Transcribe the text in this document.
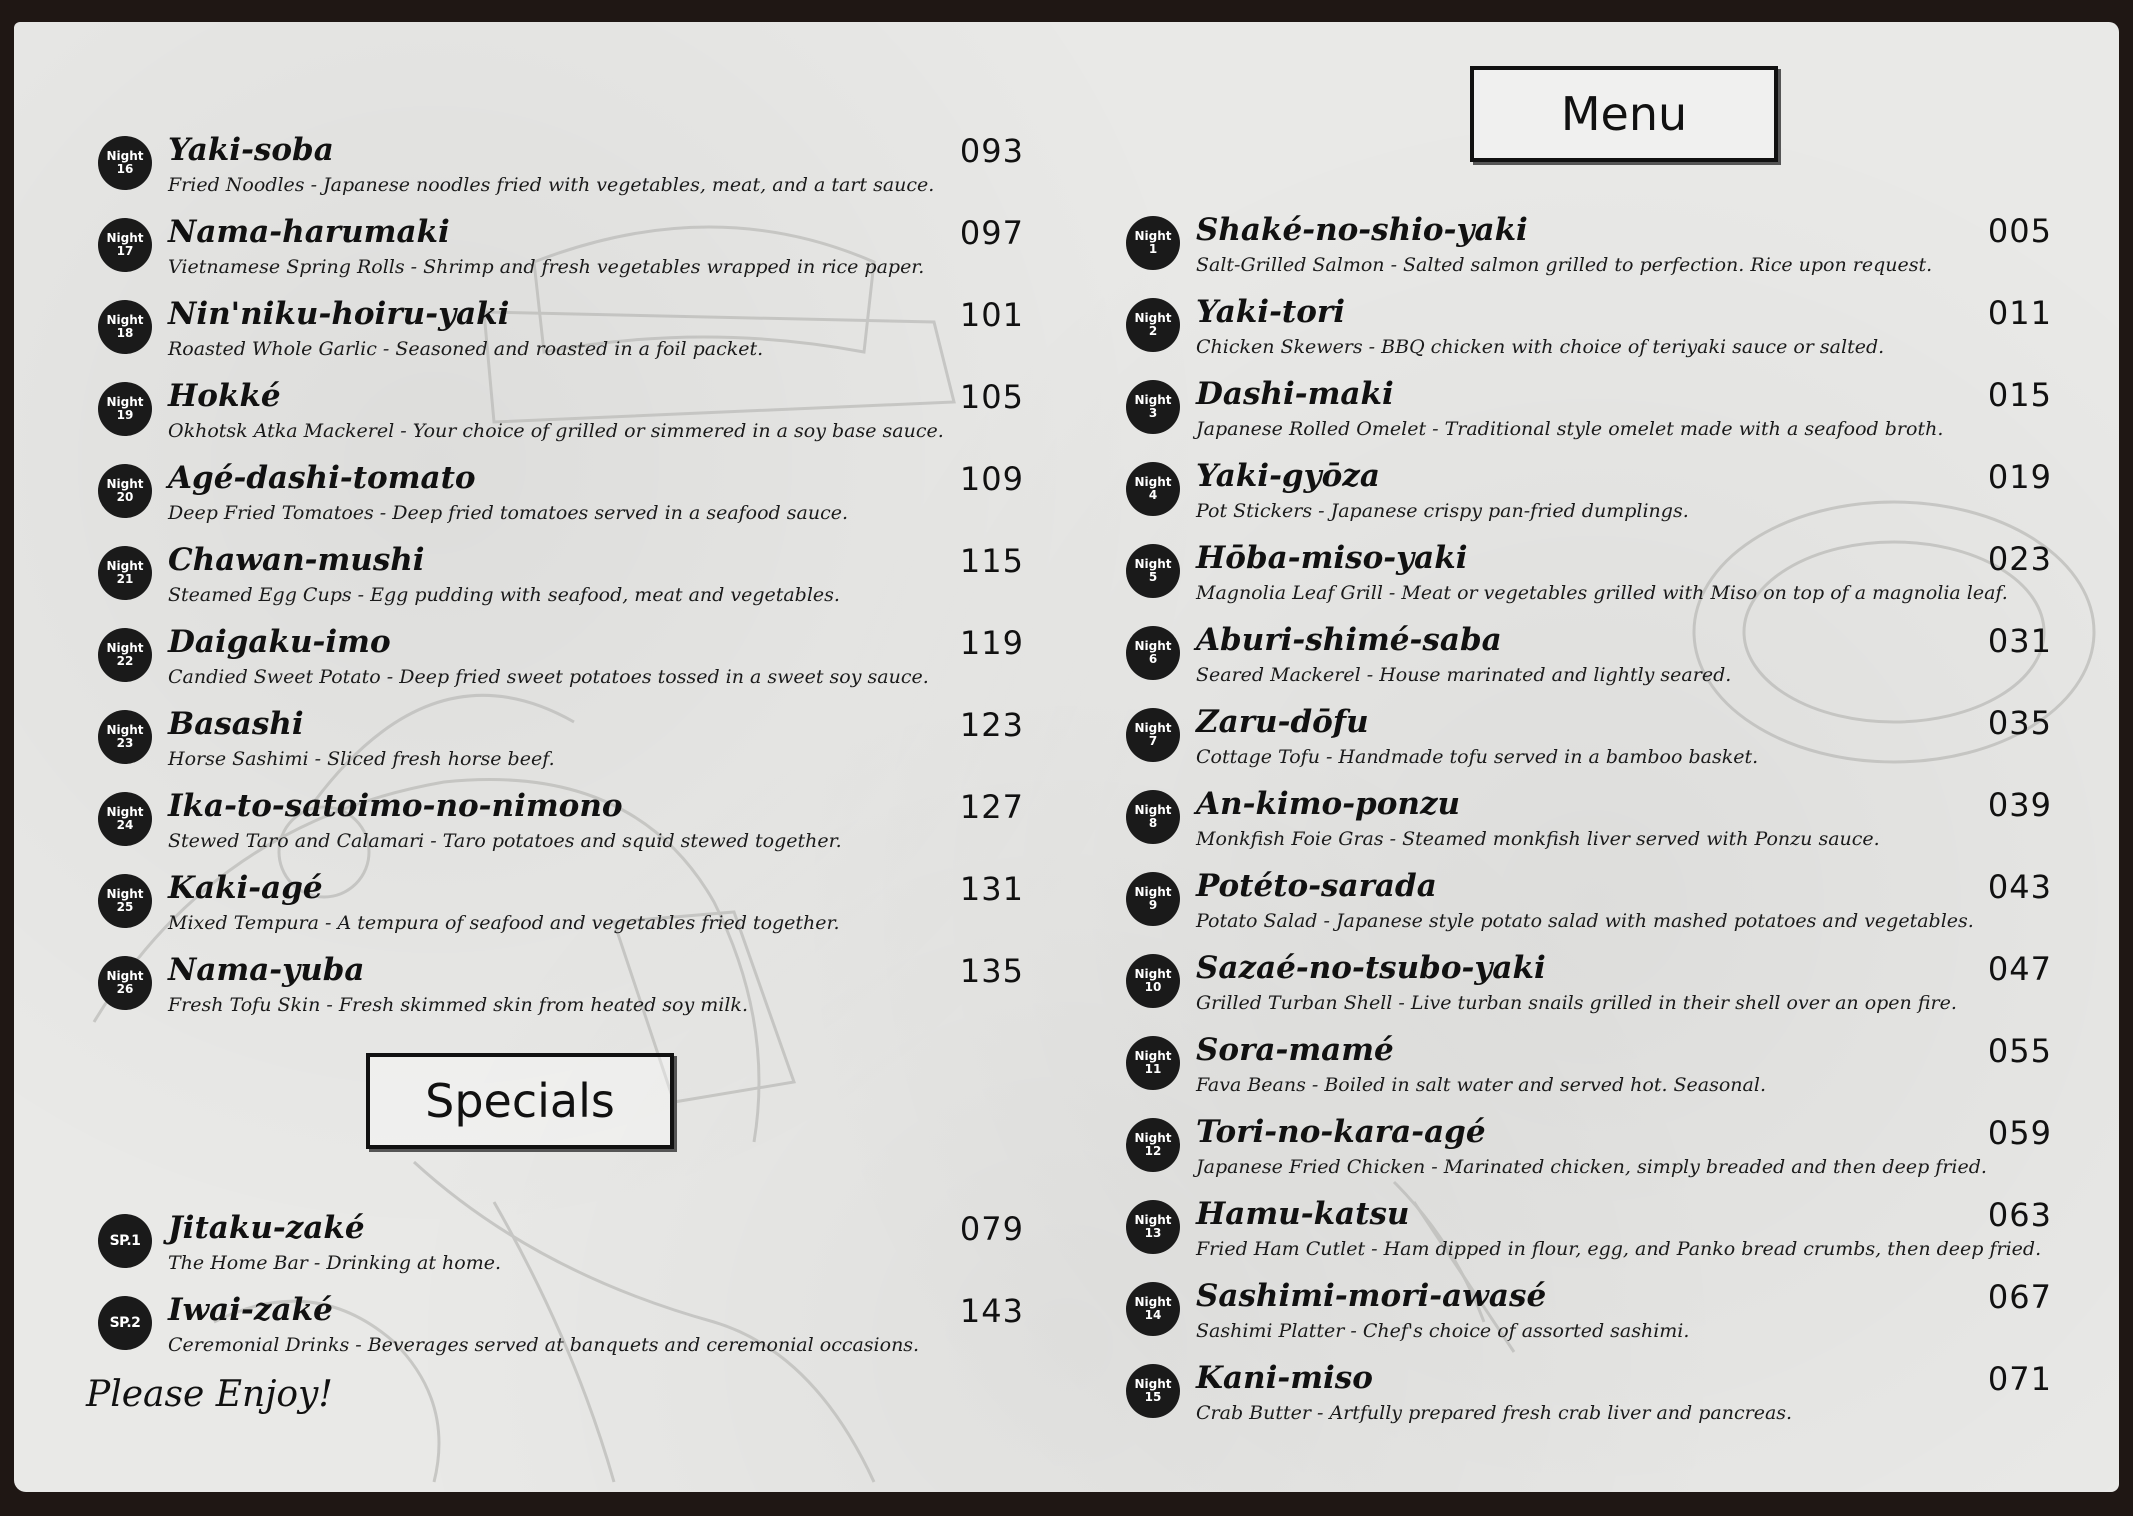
Menu
Specials
Night
16
Yaki-soba
Fried Noodles - Japanese noodles fried with vegetables, meat, and a tart sauce.
093
Night
17
Nama-harumaki
Vietnamese Spring Rolls - Shrimp and fresh vegetables wrapped in rice paper.
097
Night
18
Nin'niku-hoiru-yaki
Roasted Whole Garlic - Seasoned and roasted in a foil packet.
101
Night
19
Hokké
Okhotsk Atka Mackerel - Your choice of grilled or simmered in a soy base sauce.
105
Night
20
Agé-dashi-tomato
Deep Fried Tomatoes - Deep fried tomatoes served in a seafood sauce.
109
Night
21
Chawan-mushi
Steamed Egg Cups - Egg pudding with seafood, meat and vegetables.
115
Night
22
Daigaku-imo
Candied Sweet Potato - Deep fried sweet potatoes tossed in a sweet soy sauce.
119
Night
23
Basashi
Horse Sashimi - Sliced fresh horse beef.
123
Night
24
Ika-to-satoimo-no-nimono
Stewed Taro and Calamari - Taro potatoes and squid stewed together.
127
Night
25
Kaki-agé
Mixed Tempura - A tempura of seafood and vegetables fried together.
131
Night
26
Nama-yuba
Fresh Tofu Skin - Fresh skimmed skin from heated soy milk.
135
Night
1
Shaké-no-shio-yaki
Salt-Grilled Salmon - Salted salmon grilled to perfection. Rice upon request.
005
Night
2
Yaki-tori
Chicken Skewers - BBQ chicken with choice of teriyaki sauce or salted.
011
Night
3
Dashi-maki
Japanese Rolled Omelet - Traditional style omelet made with a seafood broth.
015
Night
4
Yaki-gyōza
Pot Stickers - Japanese crispy pan-fried dumplings.
019
Night
5
Hōba-miso-yaki
Magnolia Leaf Grill - Meat or vegetables grilled with Miso on top of a magnolia leaf.
023
Night
6
Aburi-shimé-saba
Seared Mackerel - House marinated and lightly seared.
031
Night
7
Zaru-dōfu
Cottage Tofu - Handmade tofu served in a bamboo basket.
035
Night
8
An-kimo-ponzu
Monkfish Foie Gras - Steamed monkfish liver served with Ponzu sauce.
039
Night
9
Potéto-sarada
Potato Salad - Japanese style potato salad with mashed potatoes and vegetables.
043
Night
10
Sazaé-no-tsubo-yaki
Grilled Turban Shell - Live turban snails grilled in their shell over an open fire.
047
Night
11
Sora-mamé
Fava Beans - Boiled in salt water and served hot. Seasonal.
055
Night
12
Tori-no-kara-agé
Japanese Fried Chicken - Marinated chicken, simply breaded and then deep fried.
059
Night
13
Hamu-katsu
Fried Ham Cutlet - Ham dipped in flour, egg, and Panko bread crumbs, then deep fried.
063
Night
14
Sashimi-mori-awasé
Sashimi Platter - Chef's choice of assorted sashimi.
067
Night
15
Kani-miso
Crab Butter - Artfully prepared fresh crab liver and pancreas.
071
SP.1 Jitaku-zaké
The Home Bar - Drinking at home.
079
SP.2 Iwai-zaké
Ceremonial Drinks - Beverages served at banquets and ceremonial occasions.
143
Please Enjoy!
